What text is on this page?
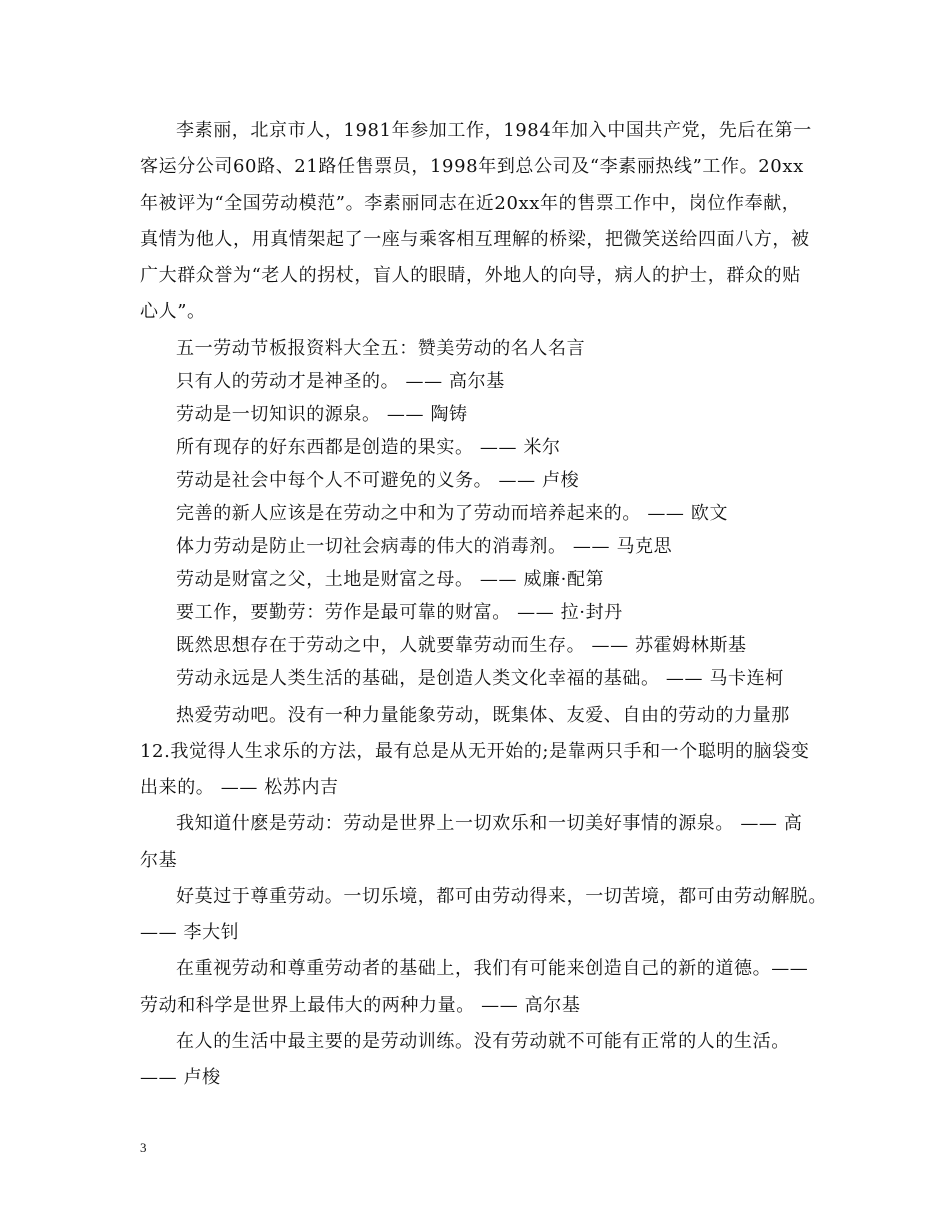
李素丽，北京市人，1981年参加工作，1984年加入中国共产党，先后在第一
客运分公司60路、21路任售票员，1998年到总公司及“李素丽热线”工作。20xx
年被评为“全国劳动模范”。李素丽同志在近20xx年的售票工作中，岗位作奉献，
真情为他人，用真情架起了一座与乘客相互理解的桥梁，把微笑送给四面八方，被
广大群众誉为“老人的拐杖，盲人的眼睛，外地人的向导，病人的护士，群众的贴
心人”。
五一劳动节板报资料大全五：赞美劳动的名人名言
只有人的劳动才是神圣的。 —— 高尔基
劳动是一切知识的源泉。 —— 陶铸
所有现存的好东西都是创造的果实。 —— 米尔
劳动是社会中每个人不可避免的义务。 —— 卢梭
完善的新人应该是在劳动之中和为了劳动而培养起来的。 —— 欧文
体力劳动是防止一切社会病毒的伟大的消毒剂。 —— 马克思
劳动是财富之父，土地是财富之母。 —— 威廉·配第
要工作，要勤劳：劳作是最可靠的财富。 —— 拉·封丹
既然思想存在于劳动之中，人就要靠劳动而生存。 —— 苏霍姆林斯基
劳动永远是人类生活的基础，是创造人类文化幸福的基础。 —— 马卡连柯
热爱劳动吧。没有一种力量能象劳动，既集体、友爱、自由的劳动的力量那
12.我觉得人生求乐的方法，最有总是从无开始的;是靠两只手和一个聪明的脑袋变
出来的。 —— 松苏内吉
我知道什麽是劳动：劳动是世界上一切欢乐和一切美好事情的源泉。 —— 高
尔基
好莫过于尊重劳动。一切乐境，都可由劳动得来，一切苦境，都可由劳动解脱。
—— 李大钊
在重视劳动和尊重劳动者的基础上，我们有可能来创造自己的新的道德。——
劳动和科学是世界上最伟大的两种力量。 —— 高尔基
在人的生活中最主要的是劳动训练。没有劳动就不可能有正常的人的生活。
—— 卢梭
3
